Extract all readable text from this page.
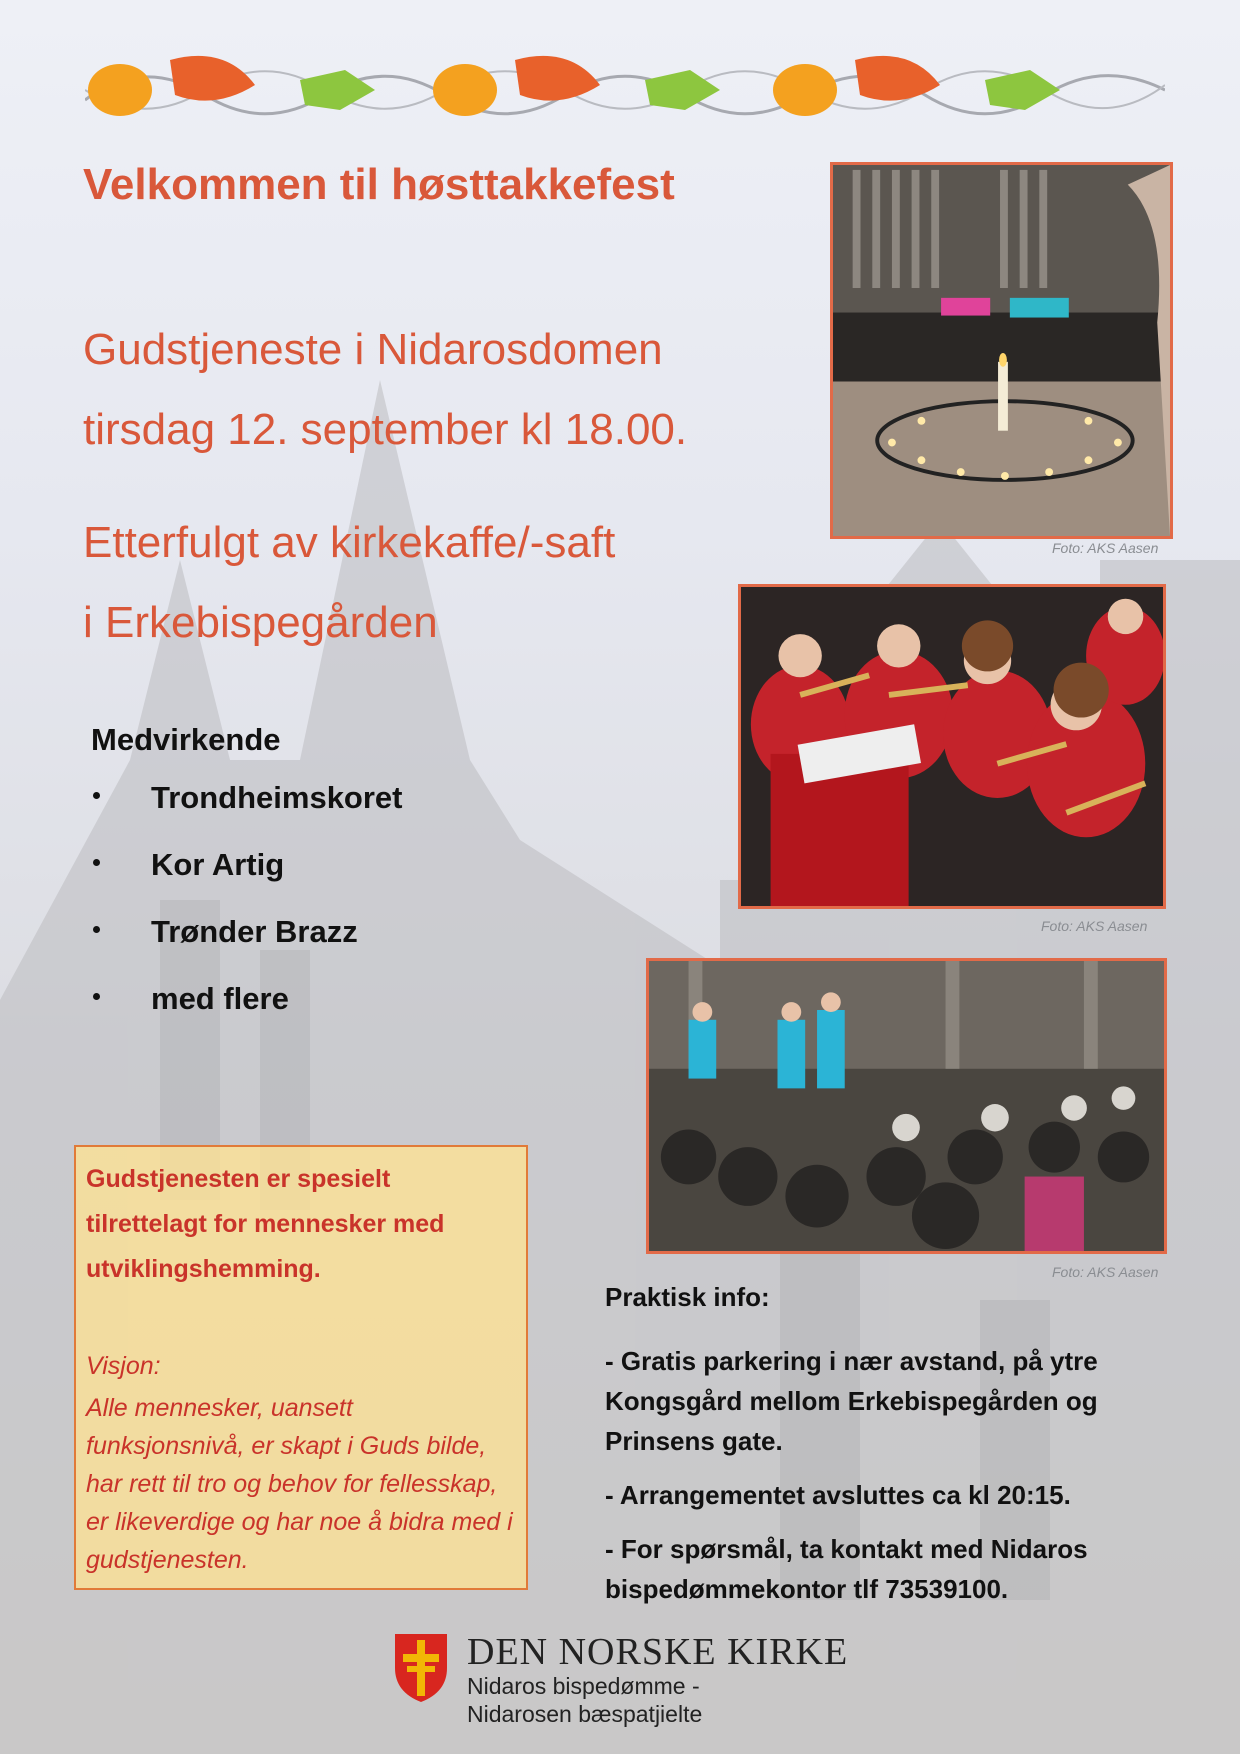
Velkommen til høsttakkefest
Gudstjeneste i Nidarosdomen
tirsdag 12. september kl 18.00.
Etterfulgt av kirkekaffe/-saft
i Erkebispegården
Medvirkende
Trondheimskoret
Kor Artig
Trønder Brazz
med flere

Gudstjenesten er spesielt tilrettelagt for mennesker med utviklingshemming.

Visjon:

Alle mennesker, uansett funksjonsnivå, er skapt i Guds bilde, har rett til tro og behov for fellesskap, er likeverdige og har noe å bidra med i gudstjenesten.

Foto: AKS Aasen
Foto: AKS Aasen
Foto: AKS Aasen
Praktisk info:

- Gratis parkering i nær avstand, på ytre Kongsgård mellom Erkebispegården og Prinsens gate.

- Arrangementet avsluttes ca kl 20:15.

- For spørsmål, ta kontakt med Nidaros bispedømmekontor tlf 73539100.

DEN NORSKE KIRKE
Nidaros bispedømme -
Nidarosen bæspatjielte
